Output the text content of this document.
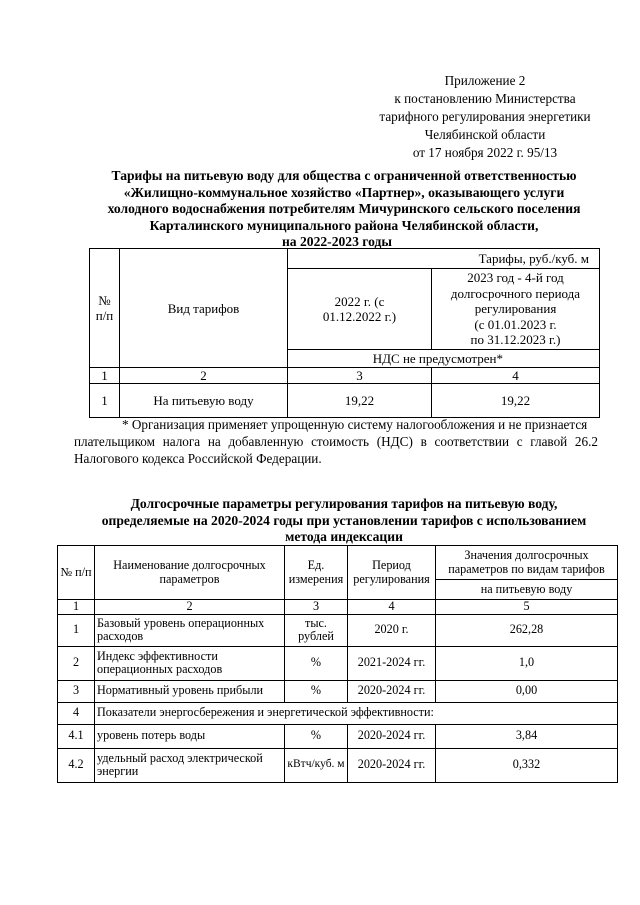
Приложение 2
к постановлению Министерства
тарифного регулирования энергетики
Челябинской области
от 17 ноября 2022 г. 95/13
Тарифы на питьевую воду для общества с ограниченной ответственностью
«Жилищно-коммунальное хозяйство «Партнер», оказывающего услуги
холодного водоснабжения потребителям Мичуринского сельского поселения
Карталинского муниципального района Челябинской области,
на 2022-2023 годы
№ п/п	Вид тарифов	Тарифы, руб./куб. м	
		2022 г. (с 01.12.2022 г.)	2023 год - 4-й год
долгосрочного периода
регулирования
(с 01.01.2023 г.
по 31.12.2023 г.)

		НДС не предусмотрен*	
1	2	3	4
1	На питьевую воду	19,22	19,22
* Организация применяет упрощенную систему налогообложения и не признается
плательщиком налога на добавленную стоимость (НДС) в соответствии с главой 26.2 Налогового кодекса Российской Федерации.
Долгосрочные параметры регулирования тарифов на питьевую воду,
определяемые на 2020-2024 годы при установлении тарифов с использованием
метода индексации
№ п/п	Наименование долгосрочных параметров	Ед. измерения	Период регулирования	Значения долгосрочных параметров по видам тарифов
				на питьевую воду
1	2	3	4	5
1	Базовый уровень операционных расходов	тыс. рублей	2020 г.	262,28
2	Индекс эффективности операционных расходов	%	2021-2024 гг.	1,0
3	Нормативный уровень прибыли	%	2020-2024 гг.	0,00
4	Показатели энергосбережения и энергетической эффективности:			
4.1	уровень потерь воды	%	2020-2024 гг.	3,84
4.2	удельный расход электрической энергии	кВтч/куб. м	2020-2024 гг.	0,332
